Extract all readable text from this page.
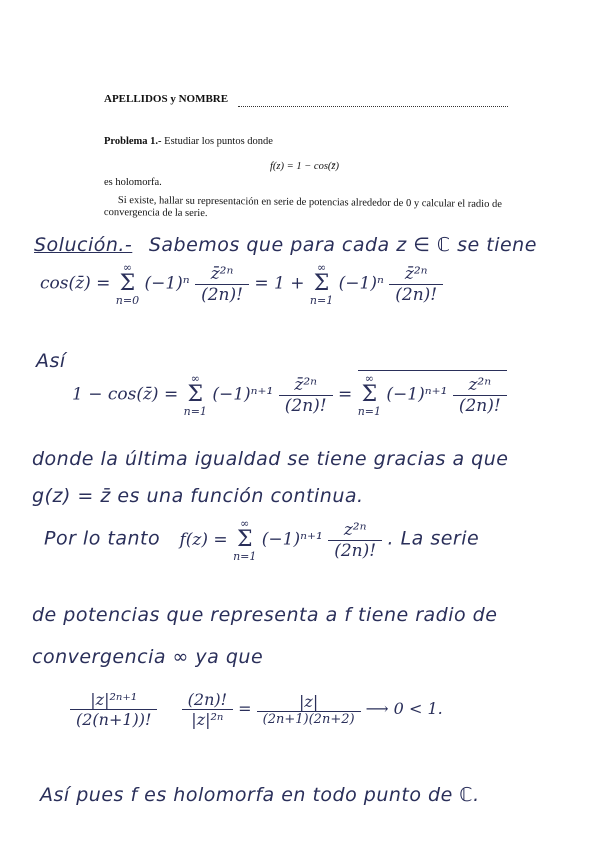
APELLIDOS y NOMBRE
Problema 1.- Estudiar los puntos donde
f(z) = 1 − cos(z̄)
es holomorfa.
Si existe, hallar su representación en serie de potencias alrededor de 0 y calcular el radio de
convergencia de la serie.
Solución.- Sabemos que para cada z ∈ ℂ se tiene
cos(z̄) =
∞
Σ
n=0
$(-1)^n \frac{\text{z̄²ⁿ}}{(2n)!} = 1$ +
∞
Σ
n=1
$(-1)^n \frac{\text{z̄²ⁿ}}{(2n)!}$
Así
1 − cos(z̄) =
∞
Σ
n=1
$(-1)^{n+1} \frac{\text{z̄²ⁿ}}{(2n)!}$ =
∞
Σ
n=1
$(-1)^{n+1} \frac{\text{z²ⁿ}}{(2n)!}$
donde la última igualdad se tiene gracias a que
g(z) = z̄ es una función continua.
Por lo tanto f(z) =
∞
Σ
n=1
$(-1)^{n+1} \frac{\text{z²ⁿ}}{(2n)!}$ . La serie
de potencias que representa a f tiene radio de
convergencia ∞ ya que
$\frac{\text{|z|²ⁿ⁺¹}}{(2(n+1))!}$
$\frac{(2n)!}{\text{|z|²ⁿ}} = \frac{|z|}{(2n+1)(2n+2)}$ ⟶ 0 < 1.
Así pues f es holomorfa en todo punto de ℂ.
